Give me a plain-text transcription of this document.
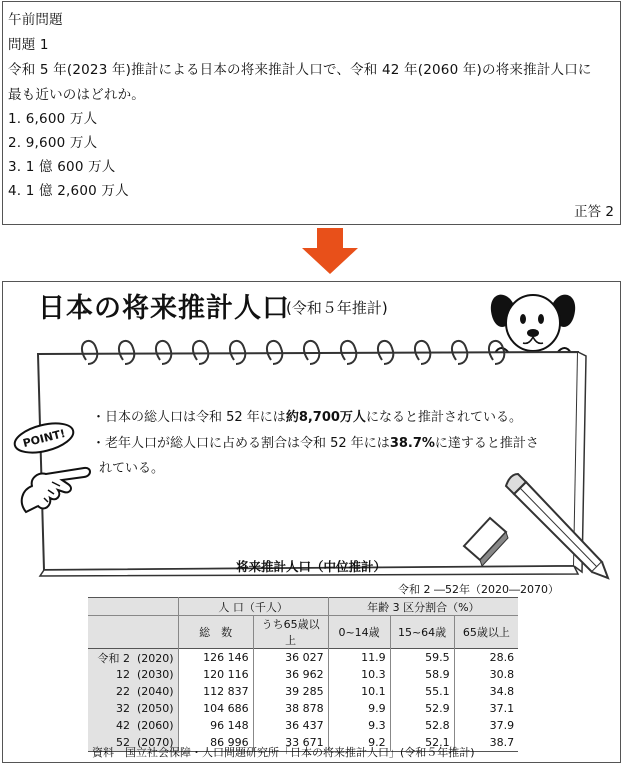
午前問題
問題 1
令和 5 年(2023 年)推計による日本の将来推計人口で、令和 42 年(2060 年)の将来推計人口に
最も近いのはどれか。
1. 6,600 万人
2. 9,600 万人
3. 1 億 600 万人
4. 1 億 2,600 万人
正答 2
日本の将来推計人口
(令和５年推計)
・日本の総人口は令和 52 年には約8,700万人になると推計されている。
・老年人口が総人口に占める割合は令和 52 年には38.7%に達すると推計さ
れている。
POINT!
将来推計人口（中位推計）
令和 2 ―52年（2020―2070）
	人 口（千人）		年齢 3 区分割合（%）		
	総　数	うち65歳以上	0~14歳	15~64歳	65歳以上
令和 2 (2020)	126 146	36 027	11.9	59.5	28.6
12 (2030)	120 116	36 962	10.3	58.9	30.8
22 (2040)	112 837	39 285	10.1	55.1	34.8
32 (2050)	104 686	38 878	9.9	52.9	37.1
42 (2060)	96 148	36 437	9.3	52.8	37.9
52 (2070)	86 996	33 671	9.2	52.1	38.7
資料　国立社会保障・人口問題研究所「日本の将来推計人口」(令和５年推計)
